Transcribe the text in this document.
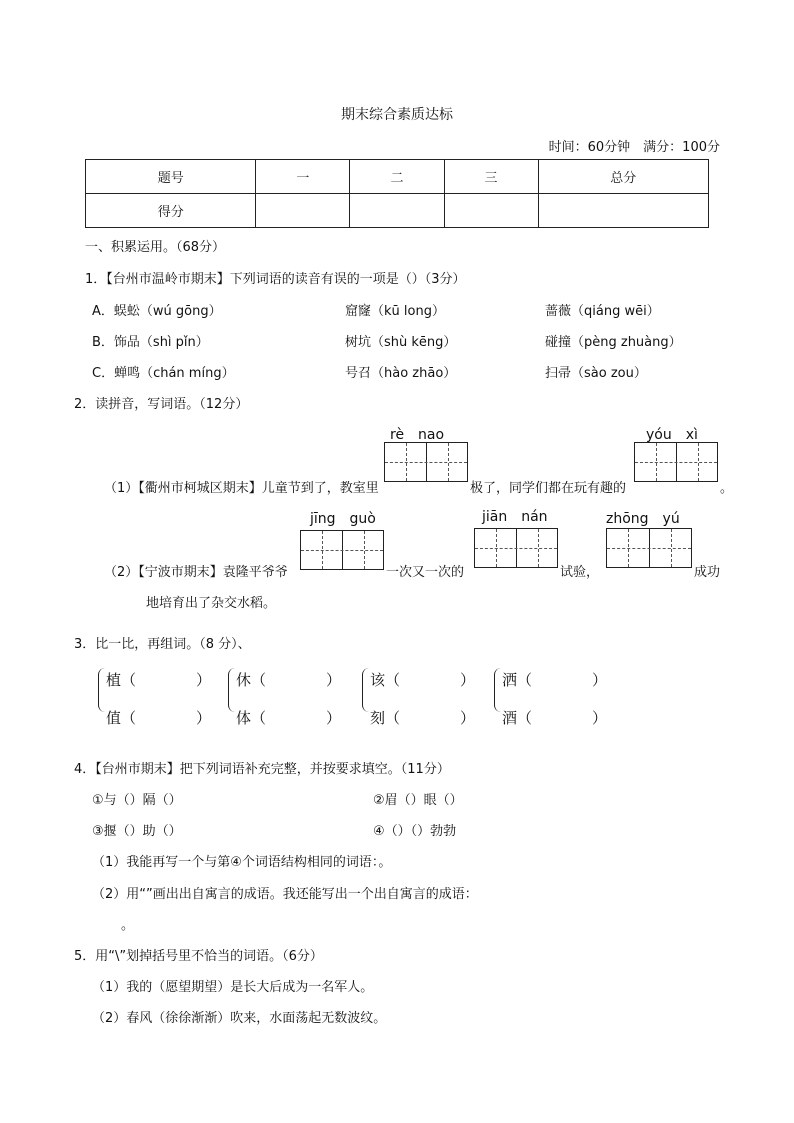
期末综合素质达标
时间：60分钟　满分：100分
题号	一	二	三	总分
得分				
一、积累运用。（68分）
1．【台州市温岭市期末】下列词语的读音有误的一项是（）（3分）
A．蜈蚣（wú gōng）	窟窿（kū long）	蔷薇（qiáng wēi）
B．饰品（shì pǐn）	树坑（shù kēng）	碰撞（pèng zhuàng）
C．蝉鸣（chán míng）	号召（hào zhāo）	扫帚（sào zou）
2．读拼音，写词语。（12分）
rè　nao	yóu　xì
（1）【衢州市柯城区期末】儿童节到了，教室里	极了，同学们都在玩有趣的	。
jīng　guò	jiān　nán	zhōng　yú
（2）【宁波市期末】袁隆平爷爷	一次又一次的	试验，	成功
地培育出了杂交水稻。
3．比一比，再组词。（8 分）、
植（　　　　） 休（　　　　） 该（　　　　） 洒（　　　　）
值（　　　　） 体（　　　　） 刻（　　　　） 酒（　　　　）
4．【台州市期末】把下列词语补充完整，并按要求填空。（11分）
①与（）隔（）	②眉（）眼（）
③揠（）助（）	④（）（）勃勃
（1）我能再写一个与第④个词语结构相同的词语：。
（2）用“”画出出自寓言的成语。我还能写出一个出自寓言的成语：
。
5．用“\”划掉括号里不恰当的词语。（6分）
（1）我的（愿望期望）是长大后成为一名军人。
（2）春风（徐徐渐渐）吹来，水面荡起无数波纹。
